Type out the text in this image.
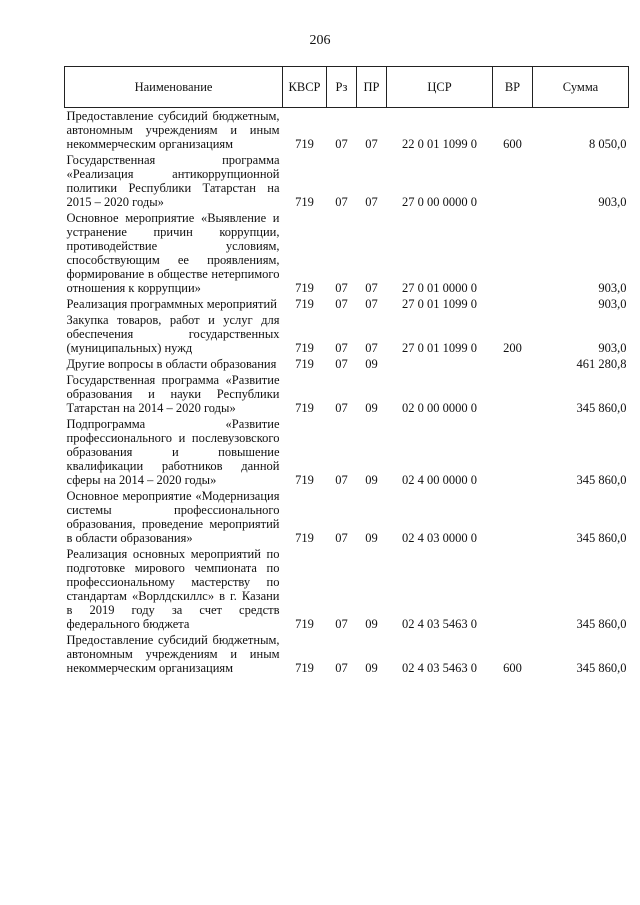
206
Наименование	КВСР	Рз	ПР	ЦСР	ВР	Сумма
Предоставление субсидий бюджетным, автономным учреждениям и иным некоммерческим организациям	719	07	07	22 0 01 1099 0	600	8 050,0
Государственная программа «Реализация антикоррупционной политики Республики Татарстан на 2015 – 2020 годы»	719	07	07	27 0 00 0000 0		903,0
Основное мероприятие «Выявление и устранение причин коррупции, противодействие условиям, способствующим ее проявлениям, формирование в обществе нетерпимого отношения к коррупции»	719	07	07	27 0 01 0000 0		903,0
Реализация программных мероприятий	719	07	07	27 0 01 1099 0		903,0
Закупка товаров, работ и услуг для обеспечения государственных (муниципальных) нужд	719	07	07	27 0 01 1099 0	200	903,0
Другие вопросы в области образования	719	07	09			461 280,8
Государственная программа «Развитие образования и науки Республики Татарстан на 2014 – 2020 годы»	719	07	09	02 0 00 0000 0		345 860,0
Подпрограмма «Развитие профессионального и послевузовского образования и повышение квалификации работников данной сферы на 2014 – 2020 годы»	719	07	09	02 4 00 0000 0		345 860,0
Основное мероприятие «Модернизация системы профессионального образования, проведение мероприятий в области образования»	719	07	09	02 4 03 0000 0		345 860,0
Реализация основных мероприятий по подготовке мирового чемпионата по профессиональному мастерству по стандартам «Ворлдскиллс» в г. Казани в 2019 году за счет средств федерального бюджета	719	07	09	02 4 03 5463 0		345 860,0
Предоставление субсидий бюджетным, автономным учреждениям и иным некоммерческим организациям	719	07	09	02 4 03 5463 0	600	345 860,0
